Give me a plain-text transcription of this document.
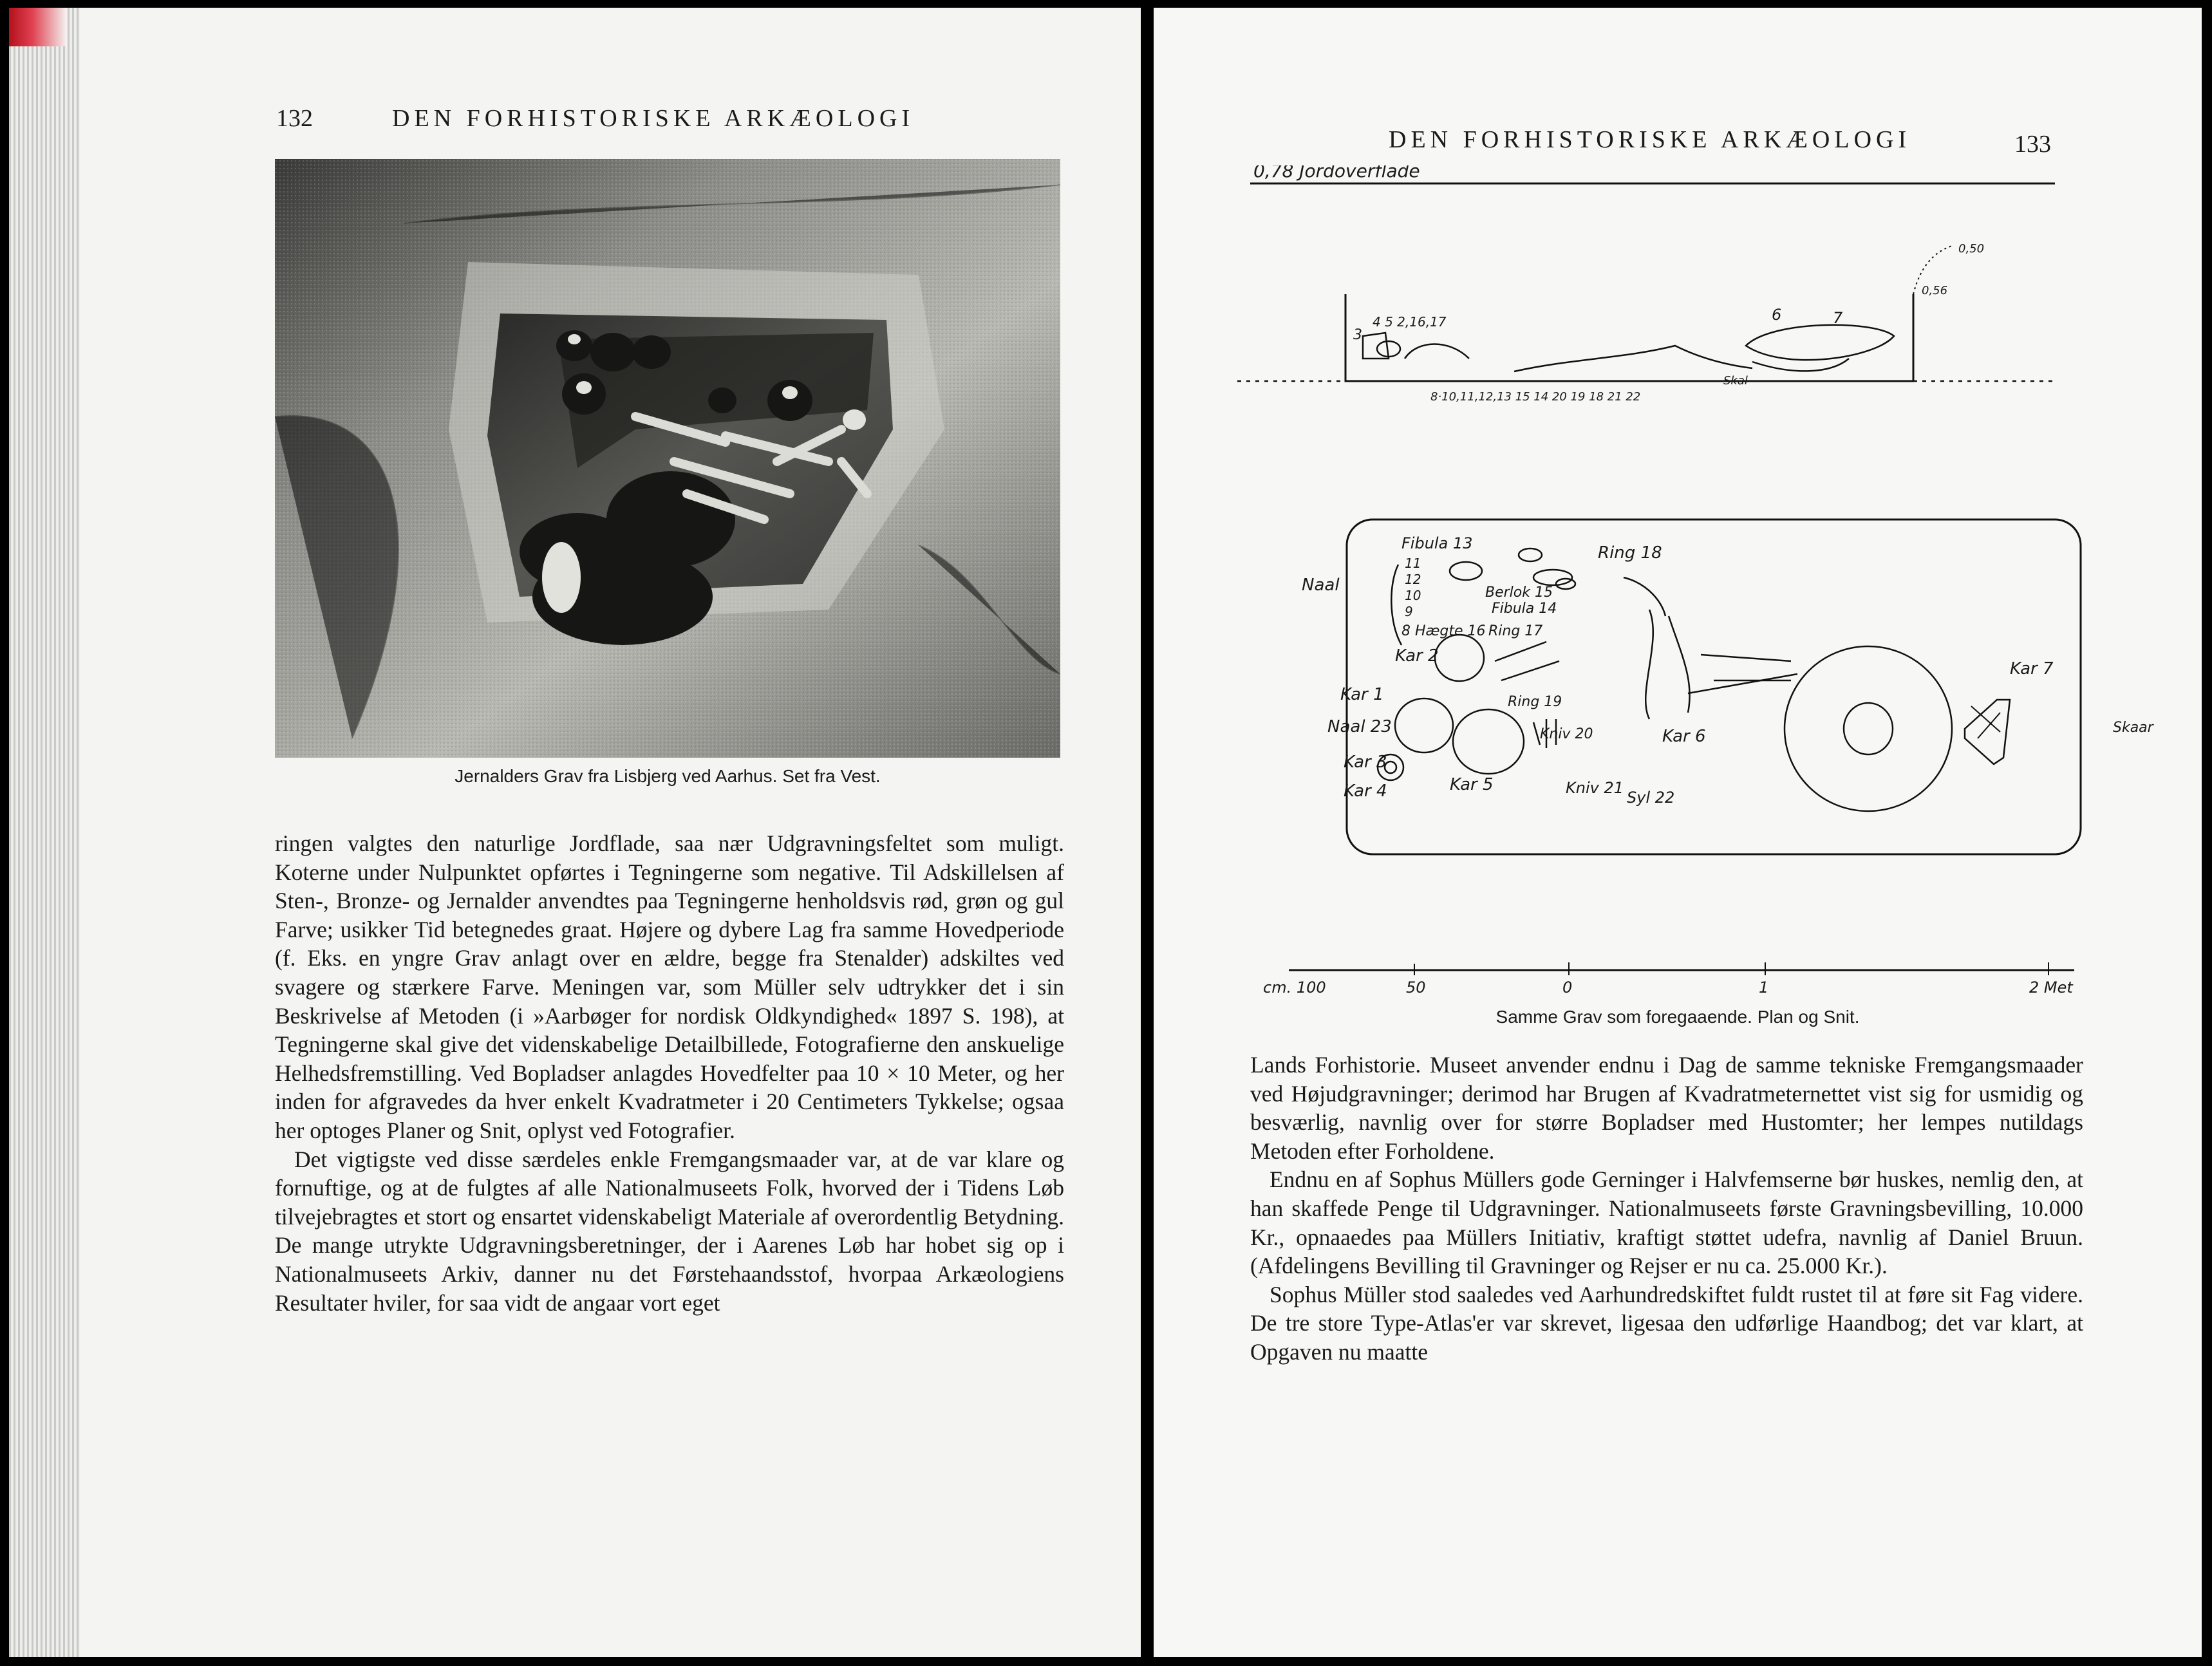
132	DEN FORHISTORISKE ARKÆOLOGI
Jernalders Grav fra Lisbjerg ved Aarhus. Set fra Vest.

ringen valgtes den naturlige Jordflade, saa nær Udgravningsfeltet som muligt. Koterne under Nulpunktet opførtes i Tegningerne som negative. Til Adskillelsen af Sten-, Bronze- og Jernalder anvendtes paa Tegningerne henholdsvis rød, grøn og gul Farve; usikker Tid betegnedes graat. Højere og dybere Lag fra samme Hovedperiode (f. Eks. en yngre Grav anlagt over en ældre, begge fra Stenalder) adskiltes ved svagere og stærkere Farve. Meningen var, som Müller selv udtrykker det i sin Beskrivelse af Metoden (i »Aarbøger for nordisk Oldkyndighed« 1897 S. 198), at Tegningerne skal give det videnskabelige Detailbillede, Fotografierne den anskuelige Helhedsfremstilling. Ved Bopladser anlagdes Hovedfelter paa 10 × 10 Meter, og her inden for afgravedes da hver enkelt Kvadratmeter i 20 Centimeters Tykkelse; ogsaa her optoges Planer og Snit, oplyst ved Fotografier.

Det vigtigste ved disse særdeles enkle Fremgangsmaader var, at de var klare og fornuftige, og at de fulgtes af alle Nationalmuseets Folk, hvorved der i Tidens Løb tilvejebragtes et stort og ensartet videnskabeligt Materiale af overordentlig Betydning. De mange utrykte Udgravningsberetninger, der i Aarenes Løb har hobet sig op i Nationalmuseets Arkiv, danner nu det Førstehaandsstof, hvorpaa Arkæologiens Resultater hviler, for saa vidt de angaar vort eget

DEN FORHISTORISKE ARKÆOLOGI	133
0,78 Jordoverflade
0,50
0,56
3
4 5 2,16,17	6	7
8·10,11,12,13 15 14 20 19 18 21 22
Skal
Fibula 13
11
12
10
9
Naal
Ring 18
Berlok 15
Fibula 14
8 Hægte 16 Ring 17
Kar 2
Kar 1
Kar 7
Ring 19
Naal 23	Kniv 20	Kar 6	Skaar
Kar 3
Kar 4	Kar 5	Kniv 21
Syl 22
cm. 100	50	0	1	2 Met
Samme Grav som foregaaende. Plan og Snit.

Lands Forhistorie. Museet anvender endnu i Dag de samme tekniske Fremgangsmaader ved Højudgravninger; derimod har Brugen af Kvadratmeternettet vist sig for usmidig og besværlig, navnlig over for større Bopladser med Hustomter; her lempes nutildags Metoden efter Forholdene.

Endnu en af Sophus Müllers gode Gerninger i Halvfemserne bør huskes, nemlig den, at han skaffede Penge til Udgravninger. Nationalmuseets første Gravningsbevilling, 10.000 Kr., opnaaedes paa Müllers Initiativ, kraftigt støttet udefra, navnlig af Daniel Bruun. (Afdelingens Bevilling til Gravninger og Rejser er nu ca. 25.000 Kr.).

Sophus Müller stod saaledes ved Aarhundredskiftet fuldt rustet til at føre sit Fag videre. De tre store Type-Atlas'er var skrevet, ligesaa den udførlige Haandbog; det var klart, at Opgaven nu maatte
